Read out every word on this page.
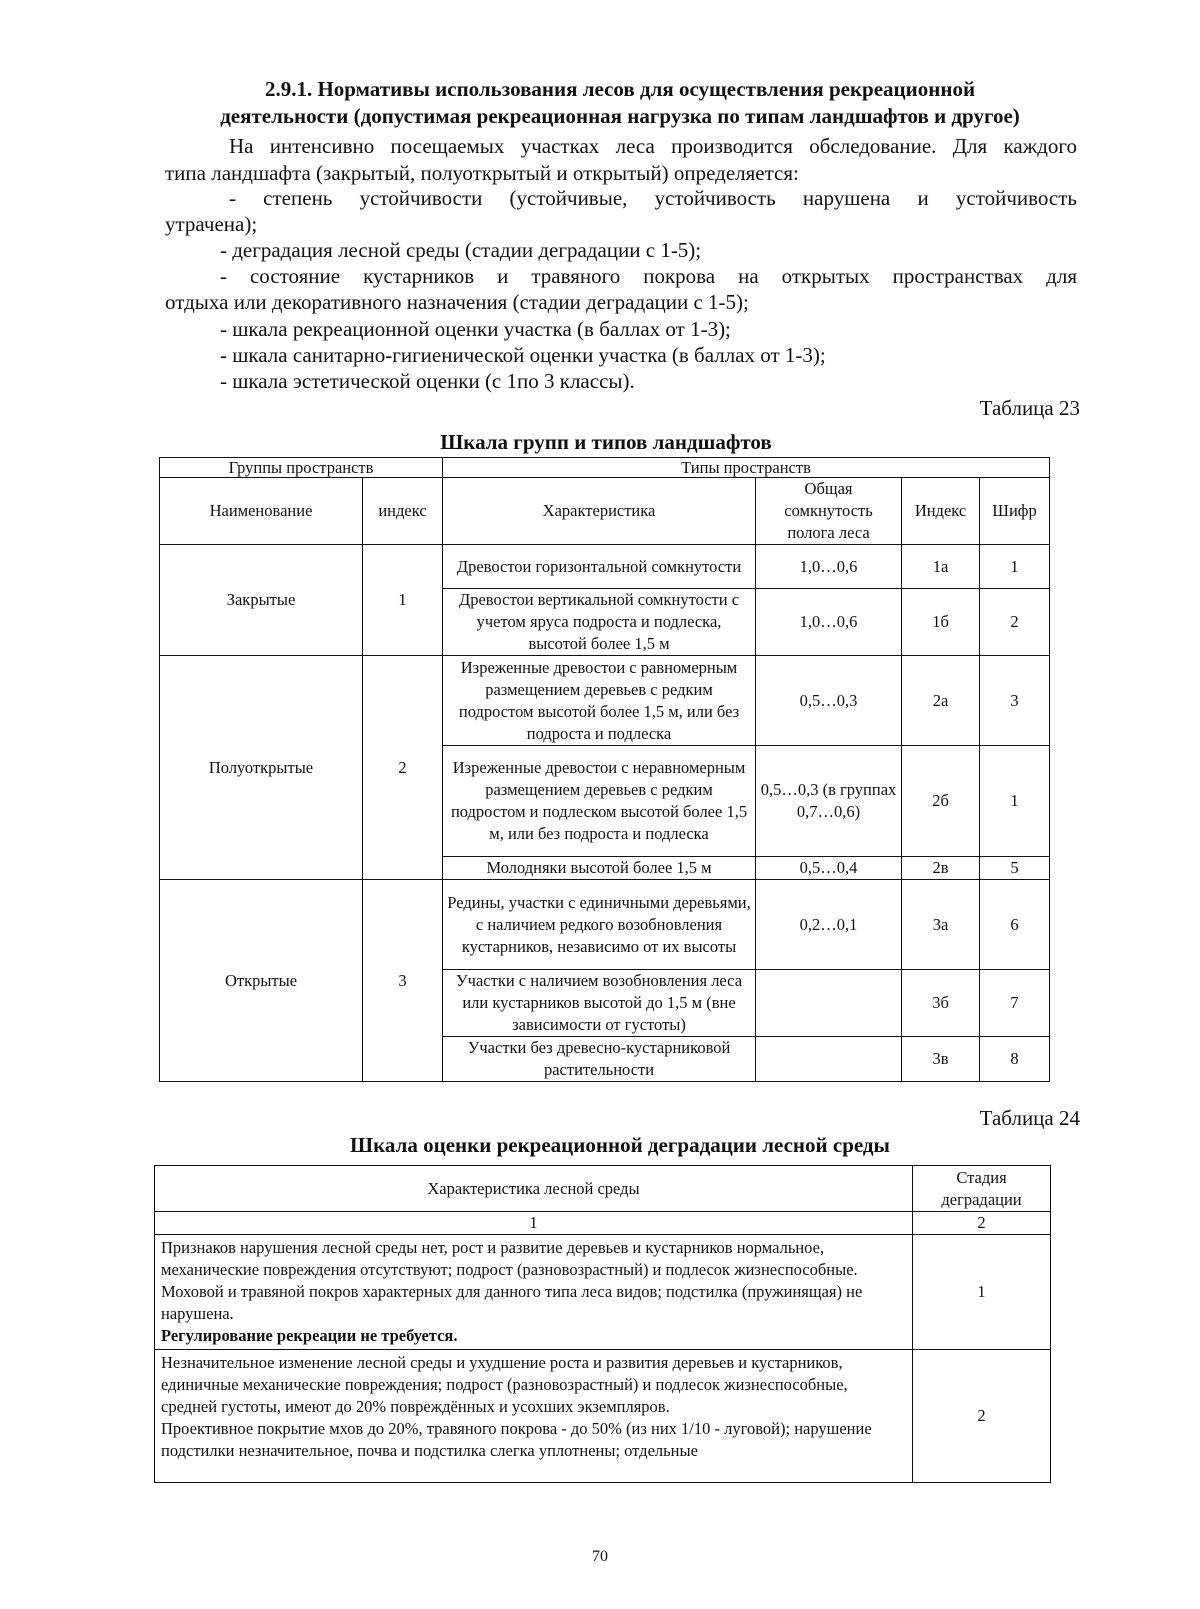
2.9.1. Нормативы использования лесов для осуществления рекреационной
деятельности (допустимая рекреационная нагрузка по типам ландшафтов и другое)
На интенсивно посещаемых участках леса производится обследование. Для каждого
типа ландшафта (закрытый, полуоткрытый и открытый) определяется:
- степень устойчивости (устойчивые, устойчивость нарушена и устойчивость
утрачена);
- деградация лесной среды (стадии деградации с 1-5);
- состояние кустарников и травяного покрова на открытых пространствах для
отдыха или декоративного назначения (стадии деградации с 1-5);
- шкала рекреационной оценки участка (в баллах от 1-3);
- шкала санитарно-гигиенической оценки участка (в баллах от 1-3);
- шкала эстетической оценки (с 1по 3 классы).
Таблица 23
Шкала групп и типов ландшафтов
Группы пространств		Типы пространств			
Наименование	индекс	Характеристика	Общая сомкнутость полога леса	Индекс	Шифр
Закрытые	1	Древостои горизонтальной сомкнутости	1,0…0,6	1а	1
		Древостои вертикальной сомкнутости с учетом яруса подроста и подлеска, высотой более 1,5 м	1,0…0,6	1б	2
Полуоткрытые	2	Изреженные древостои с равномерным размещением деревьев с редким подростом высотой более 1,5 м, или без подроста и подлеска	0,5…0,3	2а	3
		Изреженные древостои с неравномерным размещением деревьев с редким подростом и подлеском высотой более 1,5 м, или без подроста и подлеска	0,5…0,3 (в группах 0,7…0,6)	2б	1
		Молодняки высотой более 1,5 м	0,5…0,4	2в	5
Открытые	3	Редины, участки с единичными деревьями, с наличием редкого возобновления кустарников, независимо от их высоты	0,2…0,1	3а	6
		Участки с наличием возобновления леса или кустарников высотой до 1,5 м (вне зависимости от густоты)		3б	7
		Участки без древесно-кустарниковой растительности		3в	8
Таблица 24
Шкала оценки рекреационной деградации лесной среды
Характеристика лесной среды	Стадия деградации
1	2
Признаков нарушения лесной среды нет, рост и развитие деревьев и кустарников нормальное, механические повреждения отсутствуют; подрост (разновозрастный) и подлесок жизнеспособные. Моховой и травяной покров характерных для данного типа леса видов; подстилка (пружинящая) не нарушена.
Регулирование рекреации не требуется.	1
Незначительное изменение лесной среды и ухудшение роста и развития деревьев и кустарников, единичные механические повреждения; подрост (разновозрастный) и подлесок жизнеспособные, средней густоты, имеют до 20% повреждённых и усохших экземпляров.
Проективное покрытие мхов до 20%, травяного покрова - до 50% (из них 1/10 - луговой); нарушение подстилки незначительное, почва и подстилка слегка уплотнены; отдельные	2
70
